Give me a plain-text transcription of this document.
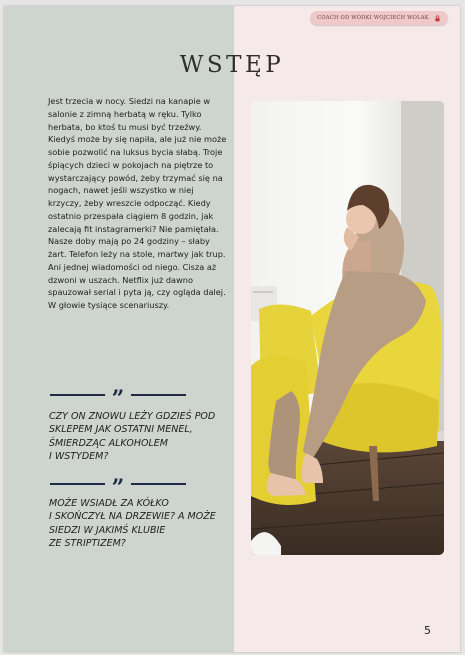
COACH OD WÓDKI WOJCIECH WOLAK
WSTĘP

Jest trzecia w nocy. Siedzi na kanapie w salonie z zimną herbatą w ręku. Tylko herbata, bo ktoś tu musi być trzeźwy. Kiedyś może by się napiła, ale już nie może sobie pozwolić na luksus bycia słabą. Troje śpiących dzieci w pokojach na piętrze to wystarczający powód, żeby trzymać się na nogach, nawet jeśli wszystko w niej krzyczy, żeby wreszcie odpocząć. Kiedy ostatnio przespała ciągiem 8 godzin, jak zalecają fit instagramerki? Nie pamiętała. Nasze doby mają po 24 godziny – słaby żart. Telefon leży na stole, martwy jak trup. Ani jednej wiadomości od niego. Cisza aż dzwoni w uszach. Netflix już dawno spauzował serial i pyta ją, czy ogląda dalej. W głowie tysiące scenariuszy.

”

CZY ON ZNOWU LEŻY GDZIEŚ POD
SKLEPEM JAK OSTATNI MENEL,
ŚMIERDZĄC ALKOHOLEM
I WSTYDEM?

”

MOŻE WSIADŁ ZA KÓŁKO
I SKOŃCZYŁ NA DRZEWIE? A MOŻE
SIEDZI W JAKIMŚ KLUBIE
ZE STRIPTIZEM?

5
